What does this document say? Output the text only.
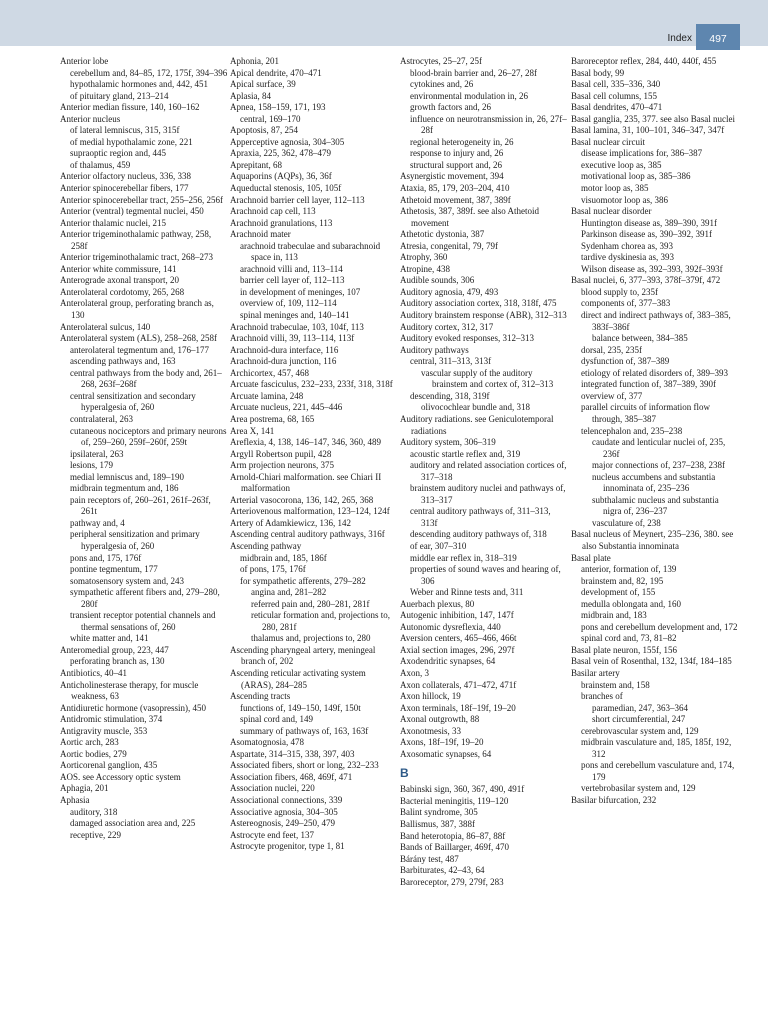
Index	497
Anterior lobe
cerebellum and, 84–85, 172, 175f, 394–396
hypothalamic hormones and, 442, 451
of pituitary gland, 213–214
Anterior median fissure, 140, 160–162
Anterior nucleus
of lateral lemniscus, 315, 315f
of medial hypothalamic zone, 221
supraoptic region and, 445
of thalamus, 459
Anterior olfactory nucleus, 336, 338
Anterior spinocerebellar fibers, 177
Anterior spinocerebellar tract, 255–256, 256f
Anterior (ventral) tegmental nuclei, 450
Anterior thalamic nuclei, 215
Anterior trigeminothalamic pathway, 258, 258f
Anterior trigeminothalamic tract, 268–273
Anterior white commissure, 141
Anterograde axonal transport, 20
Anterolateral cordotomy, 265, 268
Anterolateral group, perforating branch as, 130
Anterolateral sulcus, 140
Anterolateral system (ALS), 258–268, 258f
anterolateral tegmentum and, 176–177
ascending pathways and, 163
central pathways from the body and, 261–268, 263f–268f
central sensitization and secondary hyperalgesia of, 260
contralateral, 263
cutaneous nociceptors and primary neurons of, 259–260, 259f–260f, 259t
ipsilateral, 263
lesions, 179
medial lemniscus and, 189–190
midbrain tegmentum and, 186
pain receptors of, 260–261, 261f–263f, 261t
pathway and, 4
peripheral sensitization and primary hyperalgesia of, 260
pons and, 175, 176f
pontine tegmentum, 177
somatosensory system and, 243
sympathetic afferent fibers and, 279–280, 280f
transient receptor potential channels and thermal sensations of, 260
white matter and, 141
Anteromedial group, 223, 447
perforating branch as, 130
Antibiotics, 40–41
Anticholinesterase therapy, for muscle weakness, 63
Antidiuretic hormone (vasopressin), 450
Antidromic stimulation, 374
Antigravity muscle, 353
Aortic arch, 283
Aortic bodies, 279
Aorticorenal ganglion, 435
AOS. see Accessory optic system
Aphagia, 201
Aphasia
auditory, 318
damaged association area and, 225
receptive, 229
Aphonia, 201
Apical dendrite, 470–471
Apical surface, 39
Aplasia, 84
Apnea, 158–159, 171, 193
central, 169–170
Apoptosis, 87, 254
Apperceptive agnosia, 304–305
Apraxia, 225, 362, 478–479
Aprepitant, 68
Aquaporins (AQPs), 36, 36f
Aqueductal stenosis, 105, 105f
Arachnoid barrier cell layer, 112–113
Arachnoid cap cell, 113
Arachnoid granulations, 113
Arachnoid mater
arachnoid trabeculae and subarachnoid space in, 113
arachnoid villi and, 113–114
barrier cell layer of, 112–113
in development of meninges, 107
overview of, 109, 112–114
spinal meninges and, 140–141
Arachnoid trabeculae, 103, 104f, 113
Arachnoid villi, 39, 113–114, 113f
Arachnoid-dura interface, 116
Arachnoid-dura junction, 116
Archicortex, 457, 468
Arcuate fasciculus, 232–233, 233f, 318, 318f
Arcuate lamina, 248
Arcuate nucleus, 221, 445–446
Area postrema, 68, 165
Area X, 141
Areflexia, 4, 138, 146–147, 346, 360, 489
Argyll Robertson pupil, 428
Arm projection neurons, 375
Arnold-Chiari malformation. see Chiari II malformation
Arterial vasocorona, 136, 142, 265, 368
Arteriovenous malformation, 123–124, 124f
Artery of Adamkiewicz, 136, 142
Ascending central auditory pathways, 316f
Ascending pathway
midbrain and, 185, 186f
of pons, 175, 176f
for sympathetic afferents, 279–282
angina and, 281–282
referred pain and, 280–281, 281f
reticular formation and, projections to, 280, 281f
thalamus and, projections to, 280
Ascending pharyngeal artery, meningeal branch of, 202
Ascending reticular activating system (ARAS), 284–285
Ascending tracts
functions of, 149–150, 149f, 150t
spinal cord and, 149
summary of pathways of, 163, 163f
Asomatognosia, 478
Aspartate, 314–315, 338, 397, 403
Associated fibers, short or long, 232–233
Association fibers, 468, 469f, 471
Association nuclei, 220
Associational connections, 339
Associative agnosia, 304–305
Astereognosis, 249–250, 479
Astrocyte end feet, 137
Astrocyte progenitor, type 1, 81
Astrocytes, 25–27, 25f
blood-brain barrier and, 26–27, 28f
cytokines and, 26
environmental modulation in, 26
growth factors and, 26
influence on neurotransmission in, 26, 27f–28f
regional heterogeneity in, 26
response to injury and, 26
structural support and, 26
Asynergistic movement, 394
Ataxia, 85, 179, 203–204, 410
Athetoid movement, 387, 389f
Athetosis, 387, 389f. see also Athetoid movement
Athetotic dystonia, 387
Atresia, congenital, 79, 79f
Atrophy, 360
Atropine, 438
Audible sounds, 306
Auditory agnosia, 479, 493
Auditory association cortex, 318, 318f, 475
Auditory brainstem response (ABR), 312–313
Auditory cortex, 312, 317
Auditory evoked responses, 312–313
Auditory pathways
central, 311–313, 313f
vascular supply of the auditory brainstem and cortex of, 312–313
descending, 318, 319f
olivocochlear bundle and, 318
Auditory radiations. see Geniculotemporal radiations
Auditory system, 306–319
acoustic startle reflex and, 319
auditory and related association cortices of, 317–318
brainstem auditory nuclei and pathways of, 313–317
central auditory pathways of, 311–313, 313f
descending auditory pathways of, 318
of ear, 307–310
middle ear reflex in, 318–319
properties of sound waves and hearing of, 306
Weber and Rinne tests and, 311
Auerbach plexus, 80
Autogenic inhibition, 147, 147f
Autonomic dysreflexia, 440
Aversion centers, 465–466, 466t
Axial section images, 296, 297f
Axodendritic synapses, 64
Axon, 3
Axon collaterals, 471–472, 471f
Axon hillock, 19
Axon terminals, 18f–19f, 19–20
Axonal outgrowth, 88
Axonotmesis, 33
Axons, 18f–19f, 19–20
Axosomatic synapses, 64
B
Babinski sign, 360, 367, 490, 491f
Bacterial meningitis, 119–120
Balint syndrome, 305
Ballismus, 387, 388f
Band heterotopia, 86–87, 88f
Bands of Baillarger, 469f, 470
Bárány test, 487
Barbiturates, 42–43, 64
Baroreceptor, 279, 279f, 283
Baroreceptor reflex, 284, 440, 440f, 455
Basal body, 99
Basal cell, 335–336, 340
Basal cell columns, 155
Basal dendrites, 470–471
Basal ganglia, 235, 377. see also Basal nuclei
Basal lamina, 31, 100–101, 346–347, 347f
Basal nuclear circuit
disease implications for, 386–387
executive loop as, 385
motivational loop as, 385–386
motor loop as, 385
visuomotor loop as, 386
Basal nuclear disorder
Huntington disease as, 389–390, 391f
Parkinson disease as, 390–392, 391f
Sydenham chorea as, 393
tardive dyskinesia as, 393
Wilson disease as, 392–393, 392f–393f
Basal nuclei, 6, 377–393, 378f–379f, 472
blood supply to, 235f
components of, 377–383
direct and indirect pathways of, 383–385, 383f–386f
balance between, 384–385
dorsal, 235, 235f
dysfunction of, 387–389
etiology of related disorders of, 389–393
integrated function of, 387–389, 390f
overview of, 377
parallel circuits of information flow through, 385–387
telencephalon and, 235–238
caudate and lenticular nuclei of, 235, 236f
major connections of, 237–238, 238f
nucleus accumbens and substantia innominata of, 235–236
subthalamic nucleus and substantia nigra of, 236–237
vasculature of, 238
Basal nucleus of Meynert, 235–236, 380. see also Substantia innominata
Basal plate
anterior, formation of, 139
brainstem and, 82, 195
development of, 155
medulla oblongata and, 160
midbrain and, 183
pons and cerebellum development and, 172
spinal cord and, 73, 81–82
Basal plate neuron, 155f, 156
Basal vein of Rosenthal, 132, 134f, 184–185
Basilar artery
brainstem and, 158
branches of
paramedian, 247, 363–364
short circumferential, 247
cerebrovascular system and, 129
midbrain vasculature and, 185, 185f, 192, 312
pons and cerebellum vasculature and, 174, 179
vertebrobasilar system and, 129
Basilar bifurcation, 232
